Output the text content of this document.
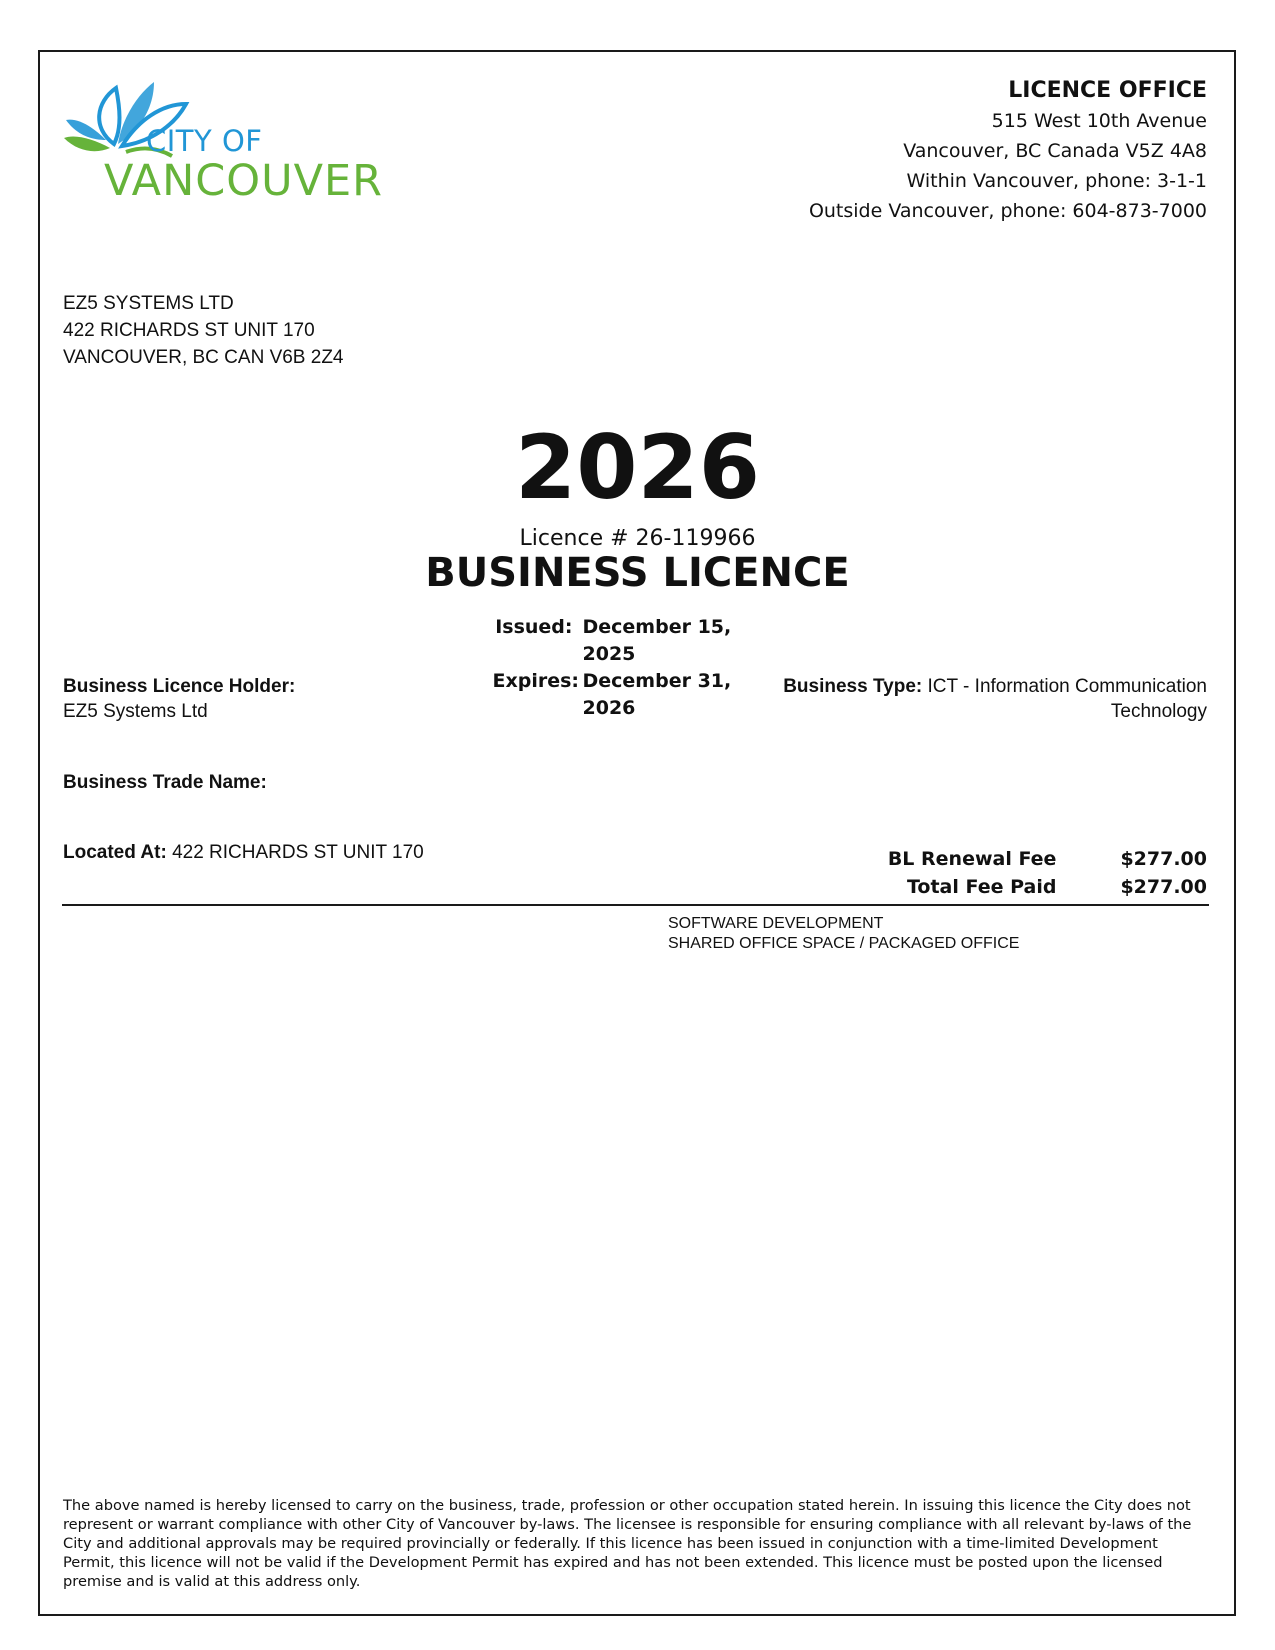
CITY OF
VANCOUVER
LICENCE OFFICE
515 West 10th Avenue
Vancouver, BC Canada V5Z 4A8
Within Vancouver, phone: 3-1-1
Outside Vancouver, phone: 604-873-7000
EZ5 SYSTEMS LTD
422 RICHARDS ST UNIT 170
VANCOUVER, BC CAN V6B 2Z4
2026
Licence # 26-119966
BUSINESS LICENCE
Issued: December 15, 2025
Expires: December 31, 2026
Business Licence Holder:
EZ5 Systems Ltd
Business Type: ICT - Information Communication Technology
Business Trade Name:
Located At: 422 RICHARDS ST UNIT 170	BL Renewal Fee	$277.00
Total Fee Paid	$277.00
SOFTWARE DEVELOPMENT
SHARED OFFICE SPACE / PACKAGED OFFICE
The above named is hereby licensed to carry on the business, trade, profession or other occupation stated herein. In issuing this licence the City does not represent or warrant compliance with other City of Vancouver by-laws. The licensee is responsible for ensuring compliance with all relevant by-laws of the City and additional approvals may be required provincially or federally. If this licence has been issued in conjunction with a time-limited Development Permit, this licence will not be valid if the Development Permit has expired and has not been extended. This licence must be posted upon the licensed premise and is valid at this address only.
